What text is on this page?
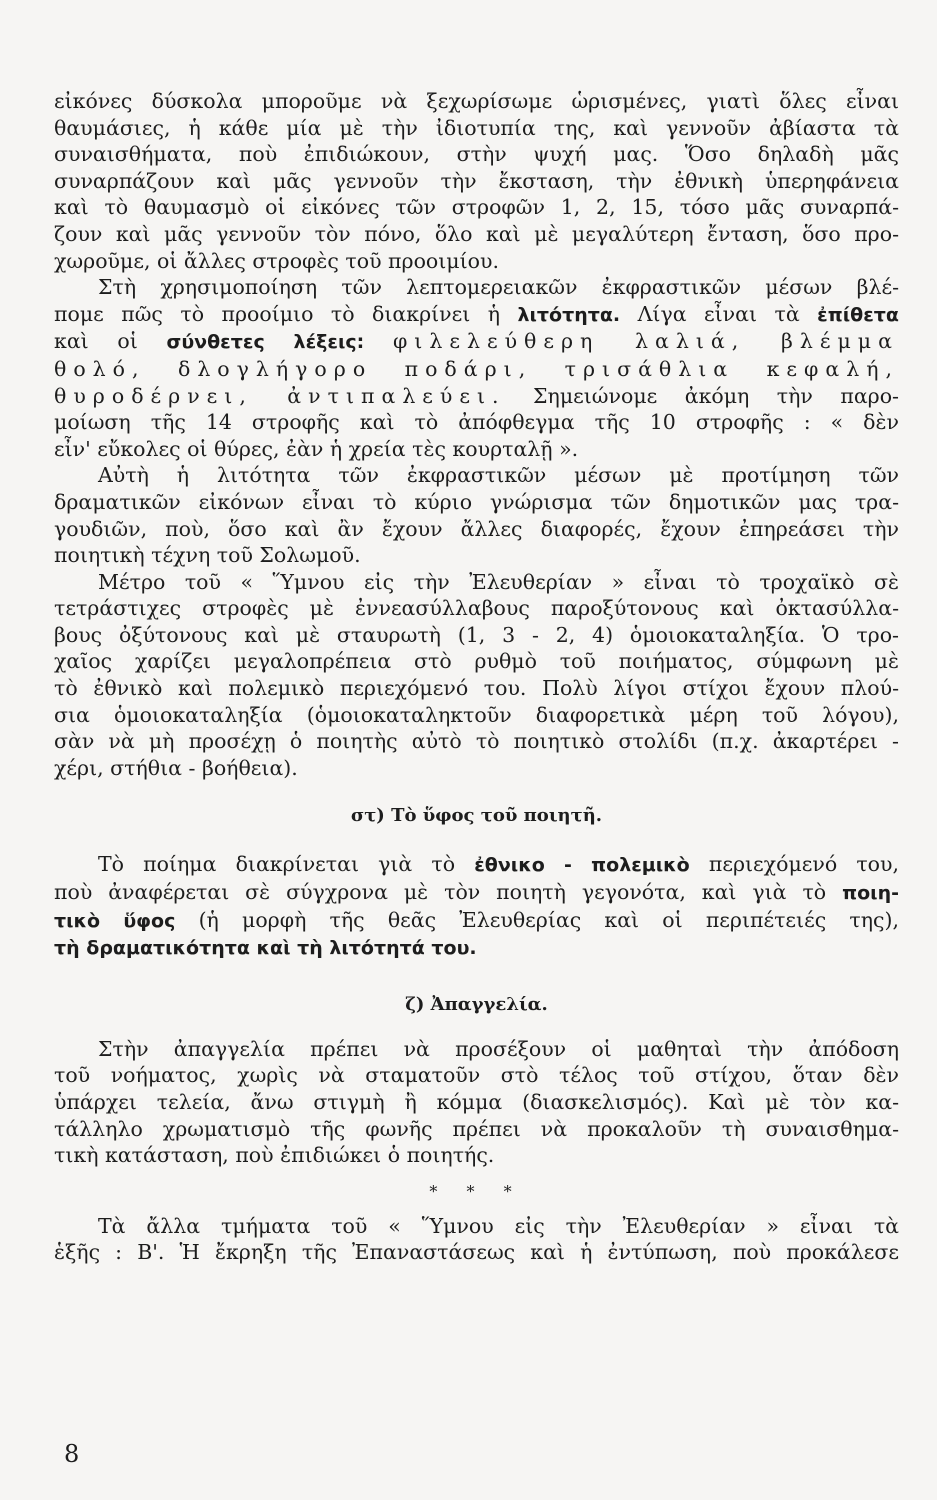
εἰκόνες δύσκολα μποροῦμε νὰ ξεχωρίσωμε ὡρισμένες, γιατὶ ὅλες εἶναι

θαυμάσιες, ἡ κάθε μία μὲ τὴν ἰδιοτυπία της, καὶ γεννοῦν ἀβίαστα τὰ

συναισθήματα, ποὺ ἐπιδιώκουν, στὴν ψυχή μας. Ὅσο δηλαδὴ μᾶς

συναρπάζουν καὶ μᾶς γεννοῦν τὴν ἔκσταση, τὴν ἐθνικὴ ὑπερηφάνεια

καὶ τὸ θαυμασμὸ οἱ εἰκόνες τῶν στροφῶν 1, 2, 15, τόσο μᾶς συναρπά-

ζουν καὶ μᾶς γεννοῦν τὸν πόνο, ὅλο καὶ μὲ μεγαλύτερη ἔνταση, ὅσο προ-

χωροῦμε, οἱ ἄλλες στροφὲς τοῦ προοιμίου.

Στὴ χρησιμοποίηση τῶν λεπτομερειακῶν ἐκφραστικῶν μέσων βλέ-

πομε πῶς τὸ προοίμιο τὸ διακρίνει ἡ λιτότητα. Λίγα εἶναι τὰ ἐπίθετα

καὶ οἱ σύνθετες λέξεις: φιλελεύθερη λαλιά, βλέμμα

θολό, δλογλήγορο ποδάρι, τρισάθλια κεφαλή,

θυροδέρνει, ἀντιπαλεύει. Σημειώνομε ἀκόμη τὴν παρο-

μοίωση τῆς 14 στροφῆς καὶ τὸ ἀπόφθεγμα τῆς 10 στροφῆς : « δὲν

εἶν' εὔκολες οἱ θύρες, ἐὰν ἡ χρεία τὲς κουρταλῇ ».

Αὐτὴ ἡ λιτότητα τῶν ἐκφραστικῶν μέσων μὲ προτίμηση τῶν

δραματικῶν εἰκόνων εἶναι τὸ κύριο γνώρισμα τῶν δημοτικῶν μας τρα-

γουδιῶν, ποὺ, ὅσο καὶ ἂν ἔχουν ἄλλες διαφορές, ἔχουν ἐπηρεάσει τὴν

ποιητικὴ τέχνη τοῦ Σολωμοῦ.

Μέτρο τοῦ « Ὕμνου εἰς τὴν Ἐλευθερίαν » εἶναι τὸ τροχαϊκὸ σὲ

τετράστιχες στροφὲς μὲ ἐννεασύλλαβους παροξύτονους καὶ ὀκτασύλλα-

βους ὀξύτονους καὶ μὲ σταυρωτὴ (1, 3 - 2, 4) ὁμοιοκαταληξία. Ὁ τρο-

χαῖος χαρίζει μεγαλοπρέπεια στὸ ρυθμὸ τοῦ ποιήματος, σύμφωνη μὲ

τὸ ἐθνικὸ καὶ πολεμικὸ περιεχόμενό του. Πολὺ λίγοι στίχοι ἔχουν πλού-

σια ὁμοιοκαταληξία (ὁμοιοκαταληκτοῦν διαφορετικὰ μέρη τοῦ λόγου),

σὰν νὰ μὴ προσέχῃ ὁ ποιητὴς αὐτὸ τὸ ποιητικὸ στολίδι (π.χ. ἀκαρτέρει -

χέρι, στήθια - βοήθεια).

στ) Τὸ ὕφος τοῦ ποιητῆ.

Τὸ ποίημα διακρίνεται γιὰ τὸ ἐθνικο - πολεμικὸ περιεχόμενό του,

ποὺ ἀναφέρεται σὲ σύγχρονα μὲ τὸν ποιητὴ γεγονότα, καὶ γιὰ τὸ ποιη-

τικὸ ὕφος (ἡ μορφὴ τῆς θεᾶς Ἐλευθερίας καὶ οἱ περιπέτειές της),

τὴ δραματικότητα καὶ τὴ λιτότητά του.

ζ) Ἀπαγγελία.

Στὴν ἀπαγγελία πρέπει νὰ προσέξουν οἱ μαθηταὶ τὴν ἀπόδοση

τοῦ νοήματος, χωρὶς νὰ σταματοῦν στὸ τέλος τοῦ στίχου, ὅταν δὲν

ὑπάρχει τελεία, ἄνω στιγμὴ ἢ κόμμα (διασκελισμός). Καὶ μὲ τὸν κα-

τάλληλο χρωματισμὸ τῆς φωνῆς πρέπει νὰ προκαλοῦν τὴ συναισθημα-

τικὴ κατάσταση, ποὺ ἐπιδιώκει ὁ ποιητής.

* * *

Τὰ ἄλλα τμήματα τοῦ « Ὕμνου εἰς τὴν Ἐλευθερίαν » εἶναι τὰ

ἑξῆς : Β'. Ἡ ἔκρηξη τῆς Ἐπαναστάσεως καὶ ἡ ἐντύπωση, ποὺ προκάλεσε

8
